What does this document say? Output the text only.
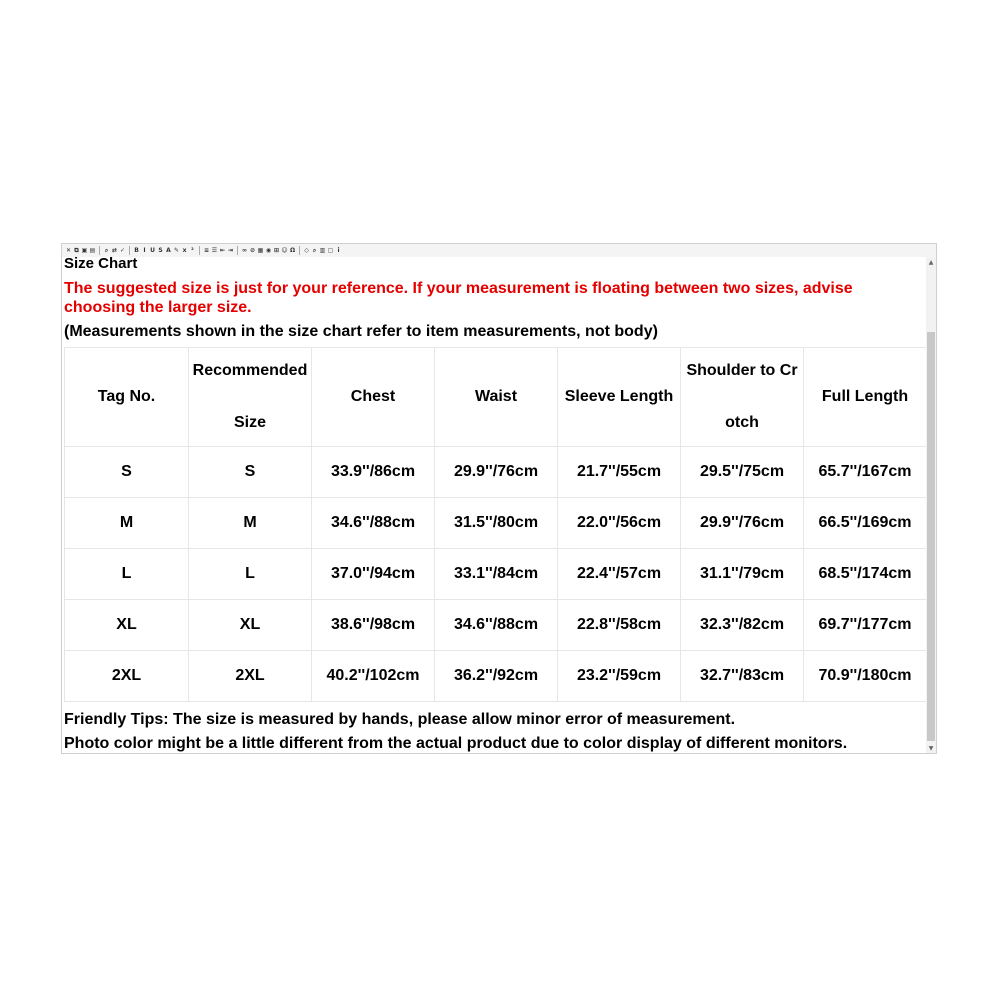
✕ ⧉ ▣ ▤	⌕ ⇄ ✓ B I U S A ✎ x ²	≡ ☰ ⇤ ⇥ ∞ ⊘ ▦ ◉ ⊞ ☺ Ω ◇ ⌕ ▥ ▢ i
Size Chart
The suggested size is just for your reference. If your measurement is floating between two sizes, advise choosing the larger size.
(Measurements shown in the size chart refer to item measurements, not body)
Tag No.	Recommended
Size	Chest	Waist	Sleeve Length	Shoulder to Cr
otch	Full Length
S	S	33.9''/86cm	29.9''/76cm	21.7''/55cm	29.5''/75cm	65.7''/167cm
M	M	34.6''/88cm	31.5''/80cm	22.0''/56cm	29.9''/76cm	66.5''/169cm
L	L	37.0''/94cm	33.1''/84cm	22.4''/57cm	31.1''/79cm	68.5''/174cm
XL	XL	38.6''/98cm	34.6''/88cm	22.8''/58cm	32.3''/82cm	69.7''/177cm
2XL	2XL	40.2''/102cm	36.2''/92cm	23.2''/59cm	32.7''/83cm	70.9''/180cm
Friendly Tips: The size is measured by hands, please allow minor error of measurement.
Photo color might be a little different from the actual product due to color display of different monitors.
▲
▼
